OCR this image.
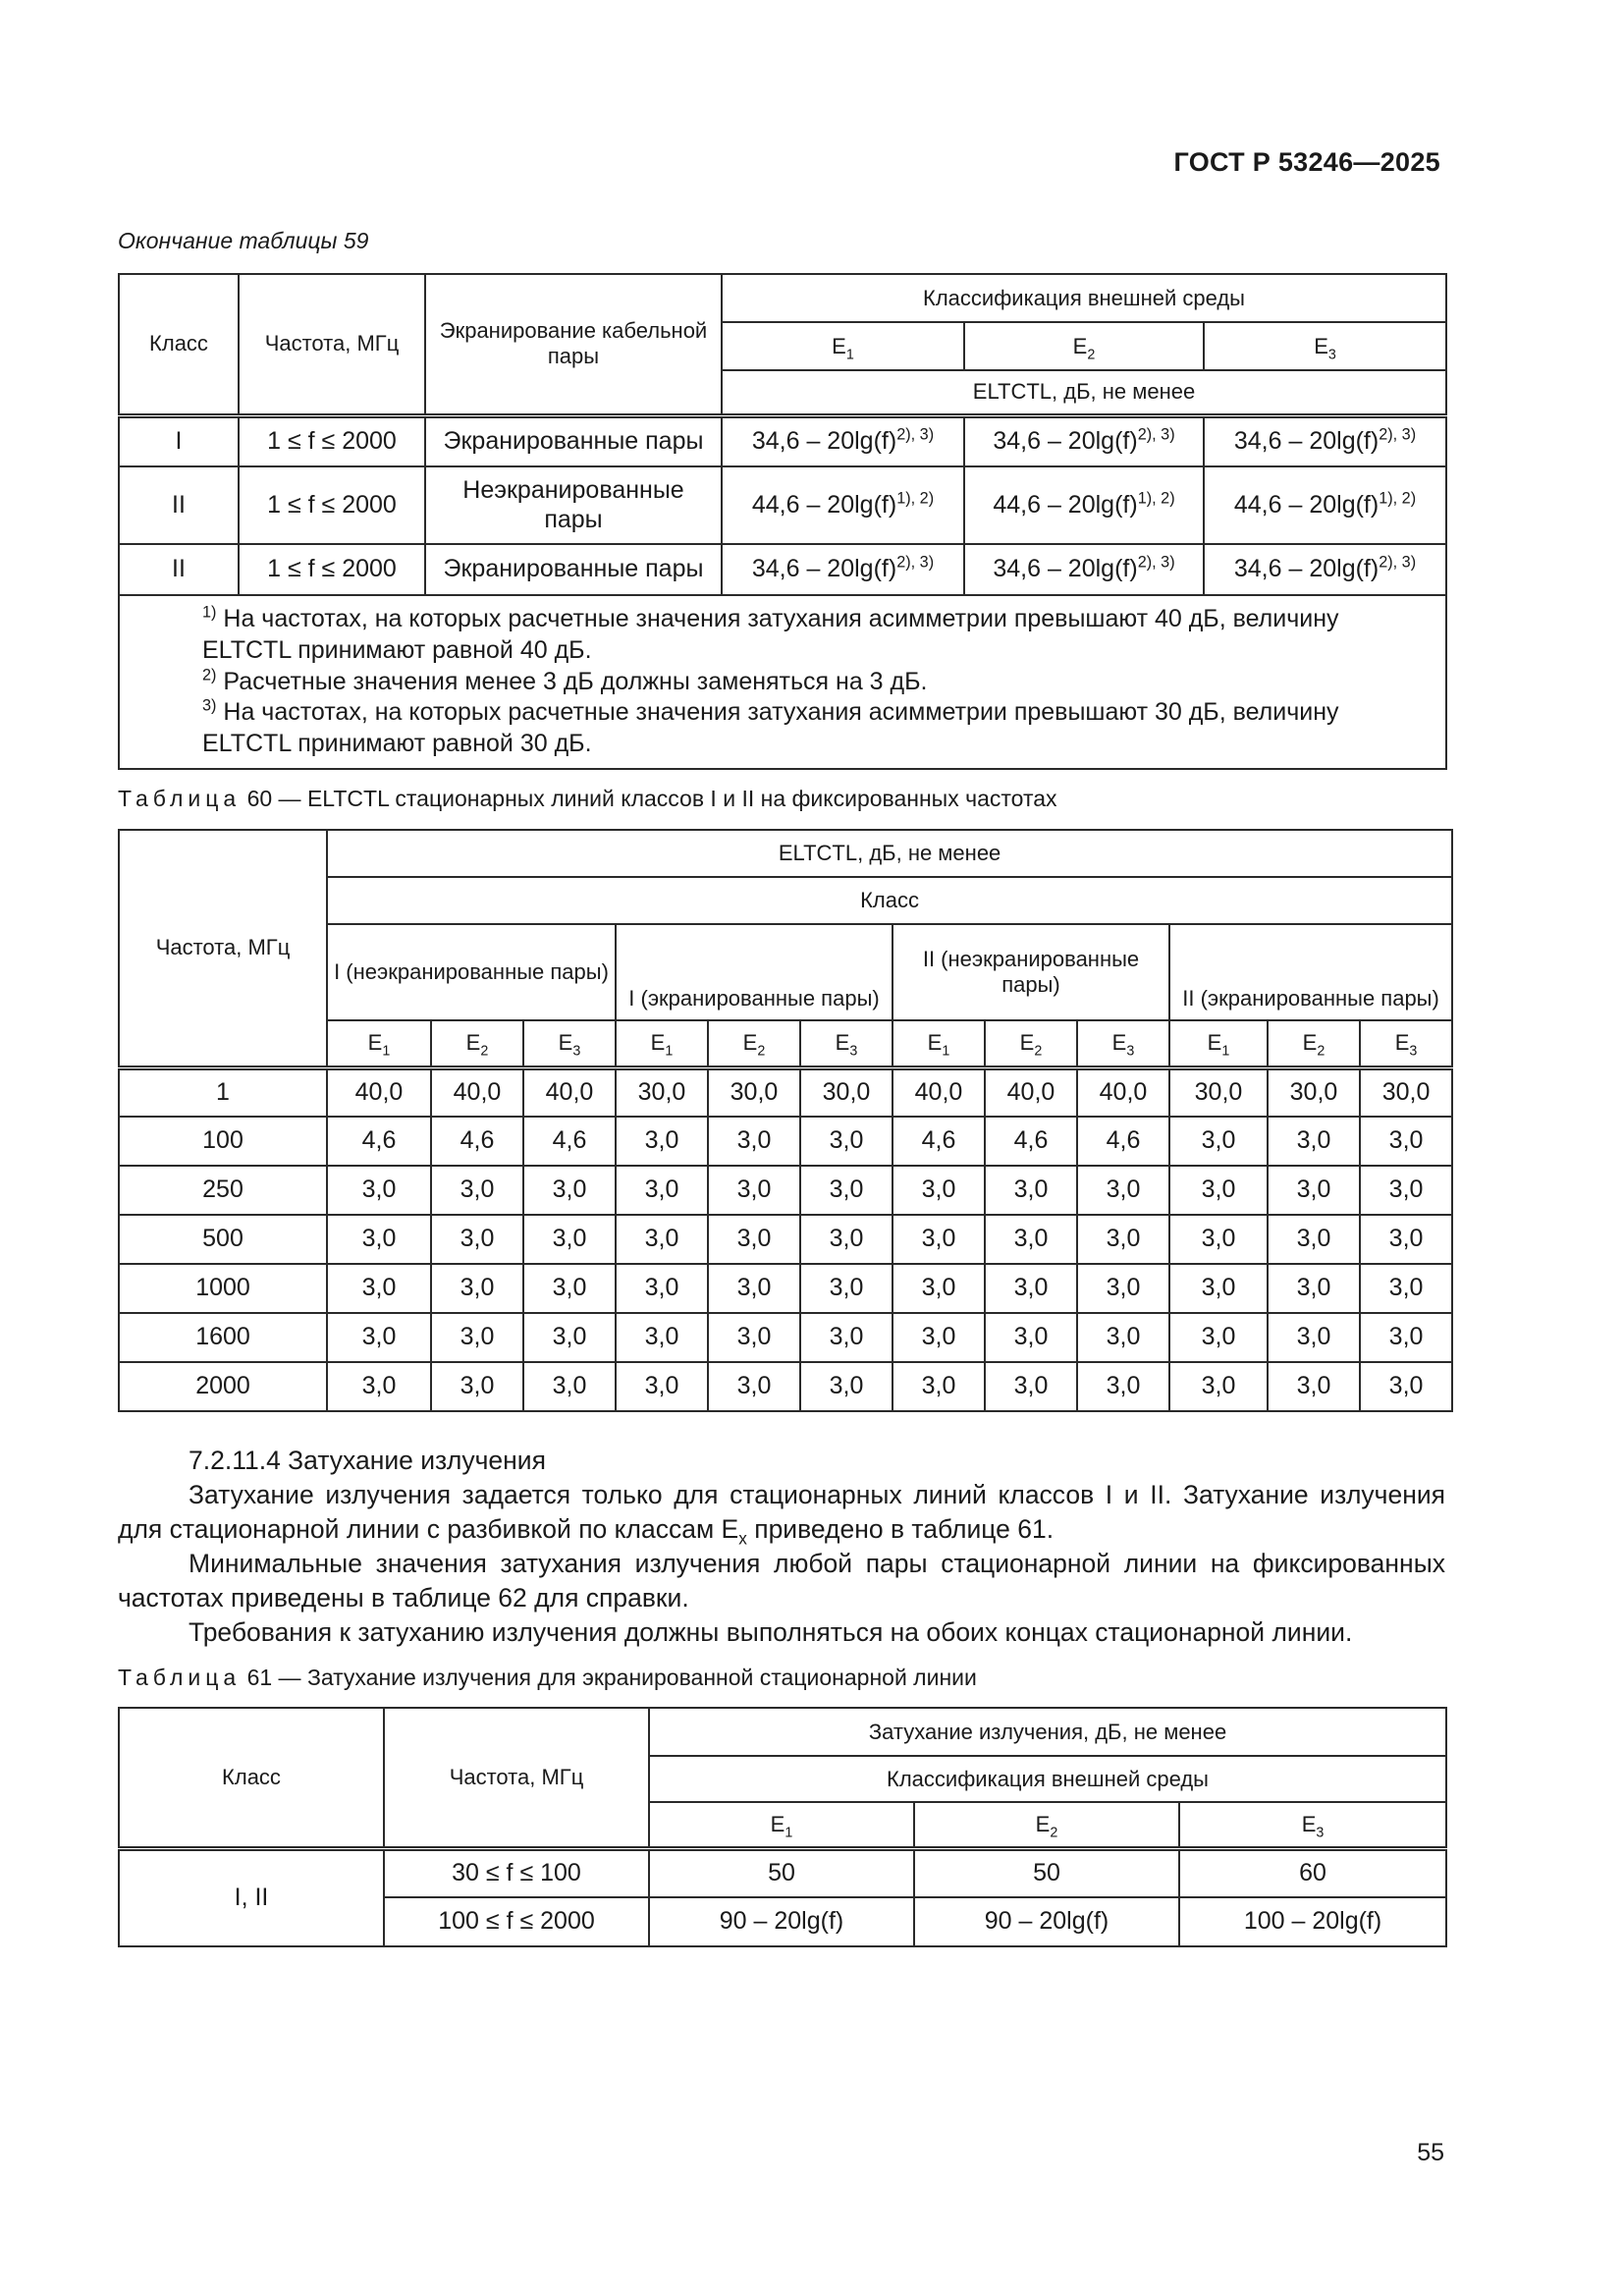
ГОСТ Р 53246—2025
Окончание таблицы 59
Класс	Частота, МГц	Экранирование кабельной пары	Классификация внешней среды		
			$E_1$	$E_2$	$E_3$
			ELTCTL, дБ, не менее		
I	1 ≤ f ≤ 2000	Экранированные пары	$34,6 - 20\lg(f)^{2), 3)}$	$34,6 - 20\lg(f)^{2), 3)}$	$34,6 - 20\lg(f)^{2), 3)}$
II	1 ≤ f ≤ 2000	Неэкранированные пары	$44,6 - 20\lg(f)^{1), 2)}$	$44,6 - 20\lg(f)^{1), 2)}$	$44,6 - 20\lg(f)^{1), 2)}$
II	1 ≤ f ≤ 2000	Экранированные пары	$34,6 - 20\lg(f)^{2), 3)}$	$34,6 - 20\lg(f)^{2), 3)}$	$34,6 - 20\lg(f)^{2), 3)}$

$^{1)}$ На частотах, на которых расчетные значения затухания асимметрии превышают 40 дБ, величину ELTCTL принимают равной 40 дБ.
$^{2)}$ Расчетные значения менее 3 дБ должны заменяться на 3 дБ.
$^{3)}$ На частотах, на которых расчетные значения затухания асимметрии превышают 30 дБ, величину ELTCTL принимают равной 30 дБ.					
Таблица 60 — ELTCTL стационарных линий классов I и II на фиксированных частотах
Частота, МГц	ELTCTL, дБ, не менее											
	Класс											
	I (неэкранированные пары)			I (экранированные пары)			II (неэкранированные пары)			II (экранированные пары)		
	$E_1$	$E_2$	$E_3$	$E_1$	$E_2$	$E_3$	$E_1$	$E_2$	$E_3$	$E_1$	$E_2$	$E_3$
1	40,0	40,0	40,0	30,0	30,0	30,0	40,0	40,0	40,0	30,0	30,0	30,0
100	4,6	4,6	4,6	3,0	3,0	3,0	4,6	4,6	4,6	3,0	3,0	3,0
250	3,0	3,0	3,0	3,0	3,0	3,0	3,0	3,0	3,0	3,0	3,0	3,0
500	3,0	3,0	3,0	3,0	3,0	3,0	3,0	3,0	3,0	3,0	3,0	3,0
1000	3,0	3,0	3,0	3,0	3,0	3,0	3,0	3,0	3,0	3,0	3,0	3,0
1600	3,0	3,0	3,0	3,0	3,0	3,0	3,0	3,0	3,0	3,0	3,0	3,0
2000	3,0	3,0	3,0	3,0	3,0	3,0	3,0	3,0	3,0	3,0	3,0	3,0

7.2.11.4 Затухание излучения

Затухание излучения задается только для стационарных линий классов I и II. Затухание излучения для стационарной линии с разбивкой по классам $E_x$ приведено в таблице 61.

Минимальные значения затухания излучения любой пары стационарной линии на фиксированных частотах приведены в таблице 62 для справки.

Требования к затуханию излучения должны выполняться на обоих концах стационарной линии.

Таблица 61 — Затухание излучения для экранированной стационарной линии
Класс	Частота, МГц	Затухание излучения, дБ, не менее		
		Классификация внешней среды		
		$E_1$	$E_2$	$E_3$
I, II	30 ≤ f ≤ 100	50	50	60
	100 ≤ f ≤ 2000	90 – 20lg(f)	90 – 20lg(f)	100 – 20lg(f)
55
